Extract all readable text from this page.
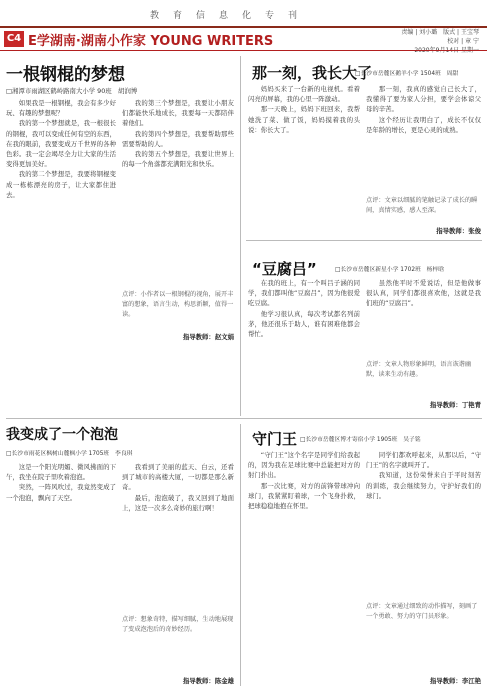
教育信息化专刊
C4 E学湖南·湖南小作家 YOUNG WRITERS
责编 | 刘小璐　版式 | 王宝琴
校对 | 章 宁
一根钢棍的梦想
□湘潭市雨湖区鹤岭路南大小学 90班　胡润博

如果我是一根钢棍，我会有多少好玩、有趣的梦想呢？

我的第一个梦想就是，我一根很长的钢棍，我可以变成任何有空的东西，在我的眼前，我要变成万千世界的各种色彩。我一定会竭尽全力让大家的生活变得更加美好。

我的第二个梦想是，我要将钢棍变成一栋栋漂亮的房子，让大家都住进去。

我的第三个梦想是，我要让小朋友们都能快乐地成长，我要每一天都陪伴着他们。

我的第四个梦想是，我要帮助那些需要帮助的人。

我的第五个梦想是，我要让世界上的每一个角落都充满阳光和快乐。

点评：小作者以一根钢棍的视角，展开丰富的想象，语言生动，构思新颖，值得一读。
指导教师：赵文娟
那一刻，我长大了
□长沙市岳麓区鹅羊小学 1504班　周甜

妈妈买来了一台新的电视机。看着闪亮的屏幕，我的心里一阵激动。

那一天晚上，妈妈下班回来，我帮她洗了菜、做了饭，妈妈摸着我的头说：你长大了。

那一刻，我真的感觉自己长大了，我懂得了要为家人分担，要学会体谅父母的辛苦。

这个经历让我明白了，成长不仅仅是年龄的增长，更是心灵的成熟。

点评：文章以细腻的笔触记录了成长的瞬间，真情实感，感人至深。
指导教师：张俊
“豆腐吕”	□长沙市岳麓区新星小学 1702班　杨梓晗

在我的班上，有一个叫吕子涵的同学，我们都叫他“豆腐吕”，因为他很爱吃豆腐。

他学习很认真，每次考试都名列前茅，他还很乐于助人，谁有困难他都会帮忙。

虽然他平时不爱说话，但是他做事很认真，同学们都很喜欢他，这就是我们班的“豆腐吕”。

点评：文章人物形象鲜明，语言诙谐幽默，读来生动有趣。
指导教师：丁艳青
我变成了一个泡泡
□长沙市雨花区枫树山麓枫小学 1705班　李良琪

这是一个阳光明媚、微风拂面的下午，我坐在院子里吹着泡泡。

突然，一阵风吹过，我竟然变成了一个泡泡，飘向了天空。

我看到了美丽的蓝天、白云，还看到了城市的高楼大厦，一切都是那么新奇。

最后，泡泡破了，我又回到了地面上，这是一次多么奇妙的旅行啊！

点评：想象奇特，描写细腻，生动地展现了变成泡泡后的奇妙经历。
指导教师：陈金雄
守门王 □长沙市岳麓区博才寄宿小学 1905班　吴子铭

“守门王”这个名字是同学们给我起的，因为我在足球比赛中总能把对方的射门扑出。

那一次比赛，对方的前锋带球冲向球门，我紧紧盯着球，一个飞身扑救，把球稳稳地抱在怀里。

同学们都欢呼起来，从那以后，“守门王”的名字就叫开了。

我知道，这份荣誉来自于平时刻苦的训练，我会继续努力，守护好我们的球门。

点评：文章通过细致的动作描写，刻画了一个勇敢、努力的守门员形象。
指导教师：李江艳
